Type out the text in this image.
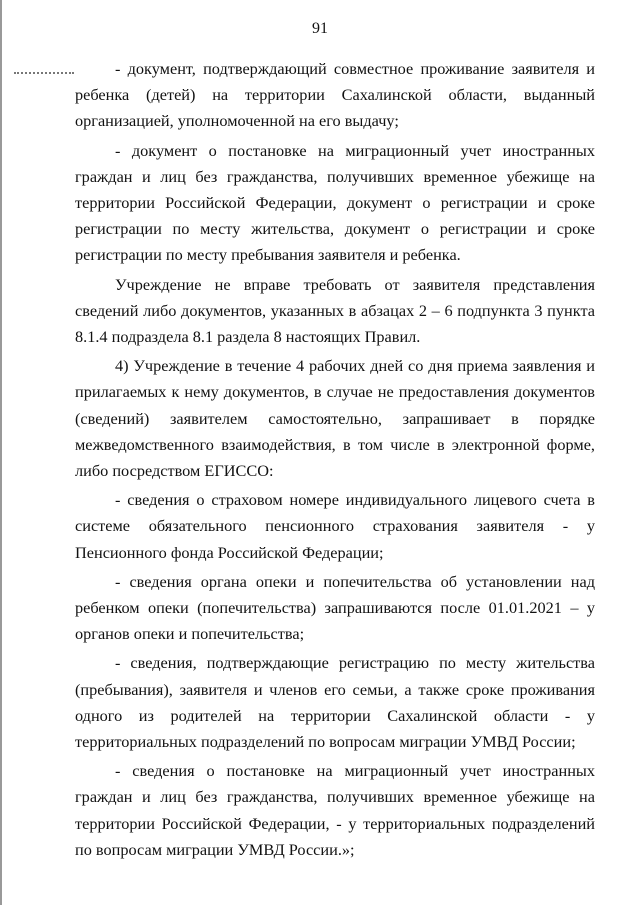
91

- документ, подтверждающий совместное проживание заявителя и ребенка (детей) на территории Сахалинской области, выданный организацией, уполномоченной на его выдачу;

- документ о постановке на миграционный учет иностранных граждан и лиц без гражданства, получивших временное убежище на территории Российской Федерации, документ о регистрации и сроке регистрации по месту жительства, документ о регистрации и сроке регистрации по месту пребывания заявителя и ребенка.

Учреждение не вправе требовать от заявителя представления сведений либо документов, указанных в абзацах 2 – 6 подпункта 3 пункта 8.1.4 подраздела 8.1 раздела 8 настоящих Правил.

4) Учреждение в течение 4 рабочих дней со дня приема заявления и прилагаемых к нему документов, в случае не предоставления документов (сведений) заявителем самостоятельно, запрашивает в порядке межведомственного взаимодействия, в том числе в электронной форме, либо посредством ЕГИССО:

- сведения о страховом номере индивидуального лицевого счета в системе обязательного пенсионного страхования заявителя - у Пенсионного фонда Российской Федерации;

- сведения органа опеки и попечительства об установлении над ребенком опеки (попечительства) запрашиваются после 01.01.2021 – у органов опеки и попечительства;

- сведения, подтверждающие регистрацию по месту жительства (пребывания), заявителя и членов его семьи, а также сроке проживания одного из родителей на территории Сахалинской области - у территориальных подразделений по вопросам миграции УМВД России;

- сведения о постановке на миграционный учет иностранных граждан и лиц без гражданства, получивших временное убежище на территории Российской Федерации, - у территориальных подразделений по вопросам миграции УМВД России.»;
